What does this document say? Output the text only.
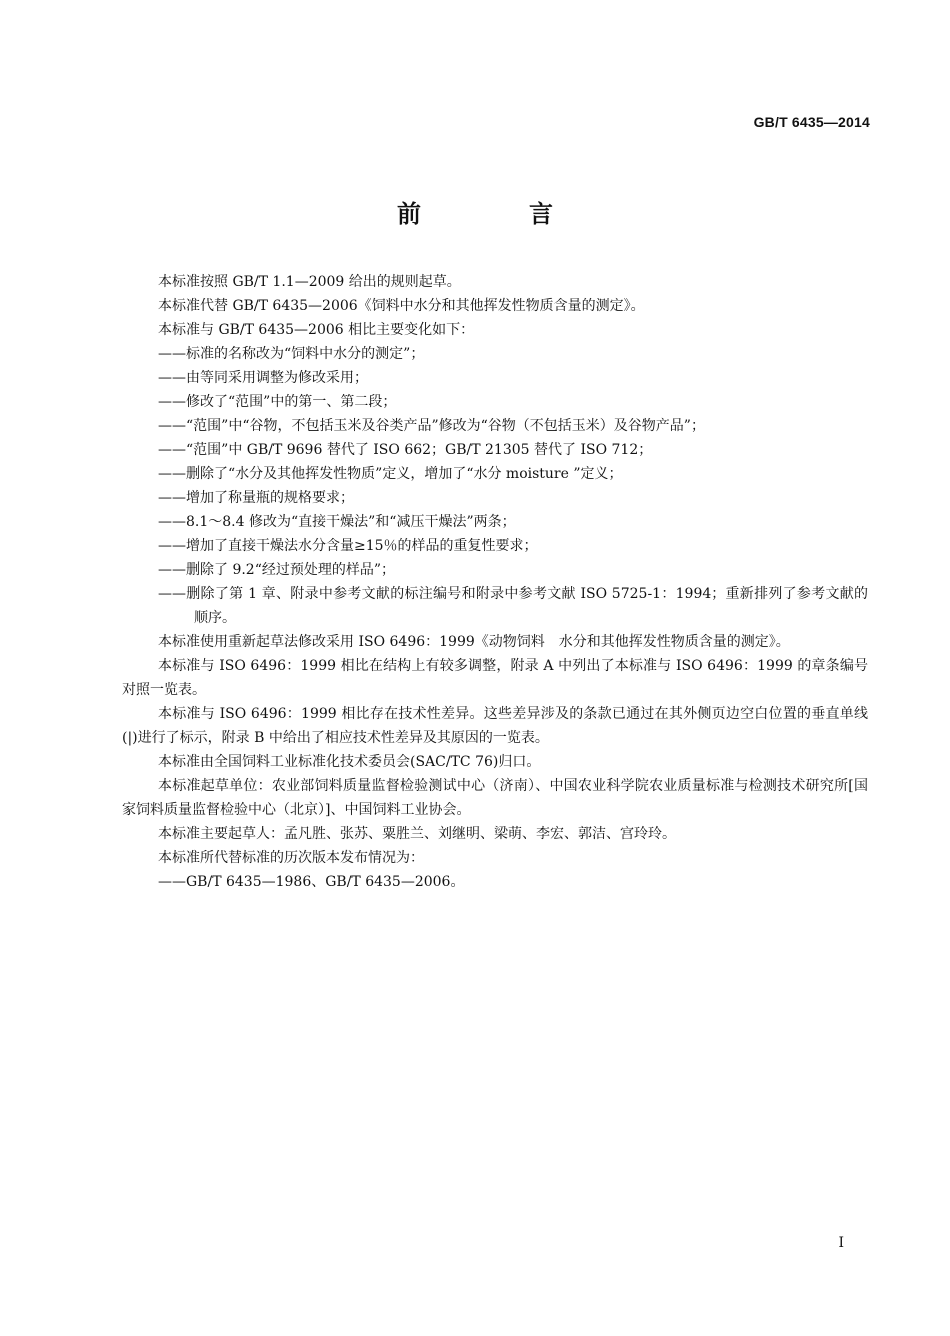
GB/T 6435—2014
前　言

本标准按照 GB/T 1.1—2009 给出的规则起草。

本标准代替 GB/T 6435—2006《饲料中水分和其他挥发性物质含量的测定》。

本标准与 GB/T 6435—2006 相比主要变化如下：

——标准的名称改为“饲料中水分的测定”；

——由等同采用调整为修改采用；

——修改了“范围”中的第一、第二段；

——“范围”中“谷物，不包括玉米及谷类产品”修改为“谷物（不包括玉米）及谷物产品”；

——“范围”中 GB/T 9696 替代了 ISO 662；GB/T 21305 替代了 ISO 712；

——删除了“水分及其他挥发性物质”定义，增加了“水分 moisture ”定义；

——增加了称量瓶的规格要求；

——8.1～8.4 修改为“直接干燥法”和“减压干燥法”两条；

——增加了直接干燥法水分含量≥15％的样品的重复性要求；

——删除了 9.2“经过预处理的样品”；

——删除了第 1 章、附录中参考文献的标注编号和附录中参考文献 ISO 5725-1：1994；重新排列了参考文献的顺序。

本标准使用重新起草法修改采用 ISO 6496：1999《动物饲料　水分和其他挥发性物质含量的测定》。

本标准与 ISO 6496：1999 相比在结构上有较多调整，附录 A 中列出了本标准与 ISO 6496：1999 的章条编号对照一览表。

本标准与 ISO 6496：1999 相比存在技术性差异。这些差异涉及的条款已通过在其外侧页边空白位置的垂直单线(|)进行了标示，附录 B 中给出了相应技术性差异及其原因的一览表。

本标准由全国饲料工业标准化技术委员会(SAC/TC 76)归口。

本标准起草单位：农业部饲料质量监督检验测试中心（济南）、中国农业科学院农业质量标准与检测技术研究所[国家饲料质量监督检验中心（北京）]、中国饲料工业协会。

本标准主要起草人：孟凡胜、张苏、粟胜兰、刘继明、梁萌、李宏、郭洁、宫玲玲。

本标准所代替标准的历次版本发布情况为：

——GB/T 6435—1986、GB/T 6435—2006。

I
